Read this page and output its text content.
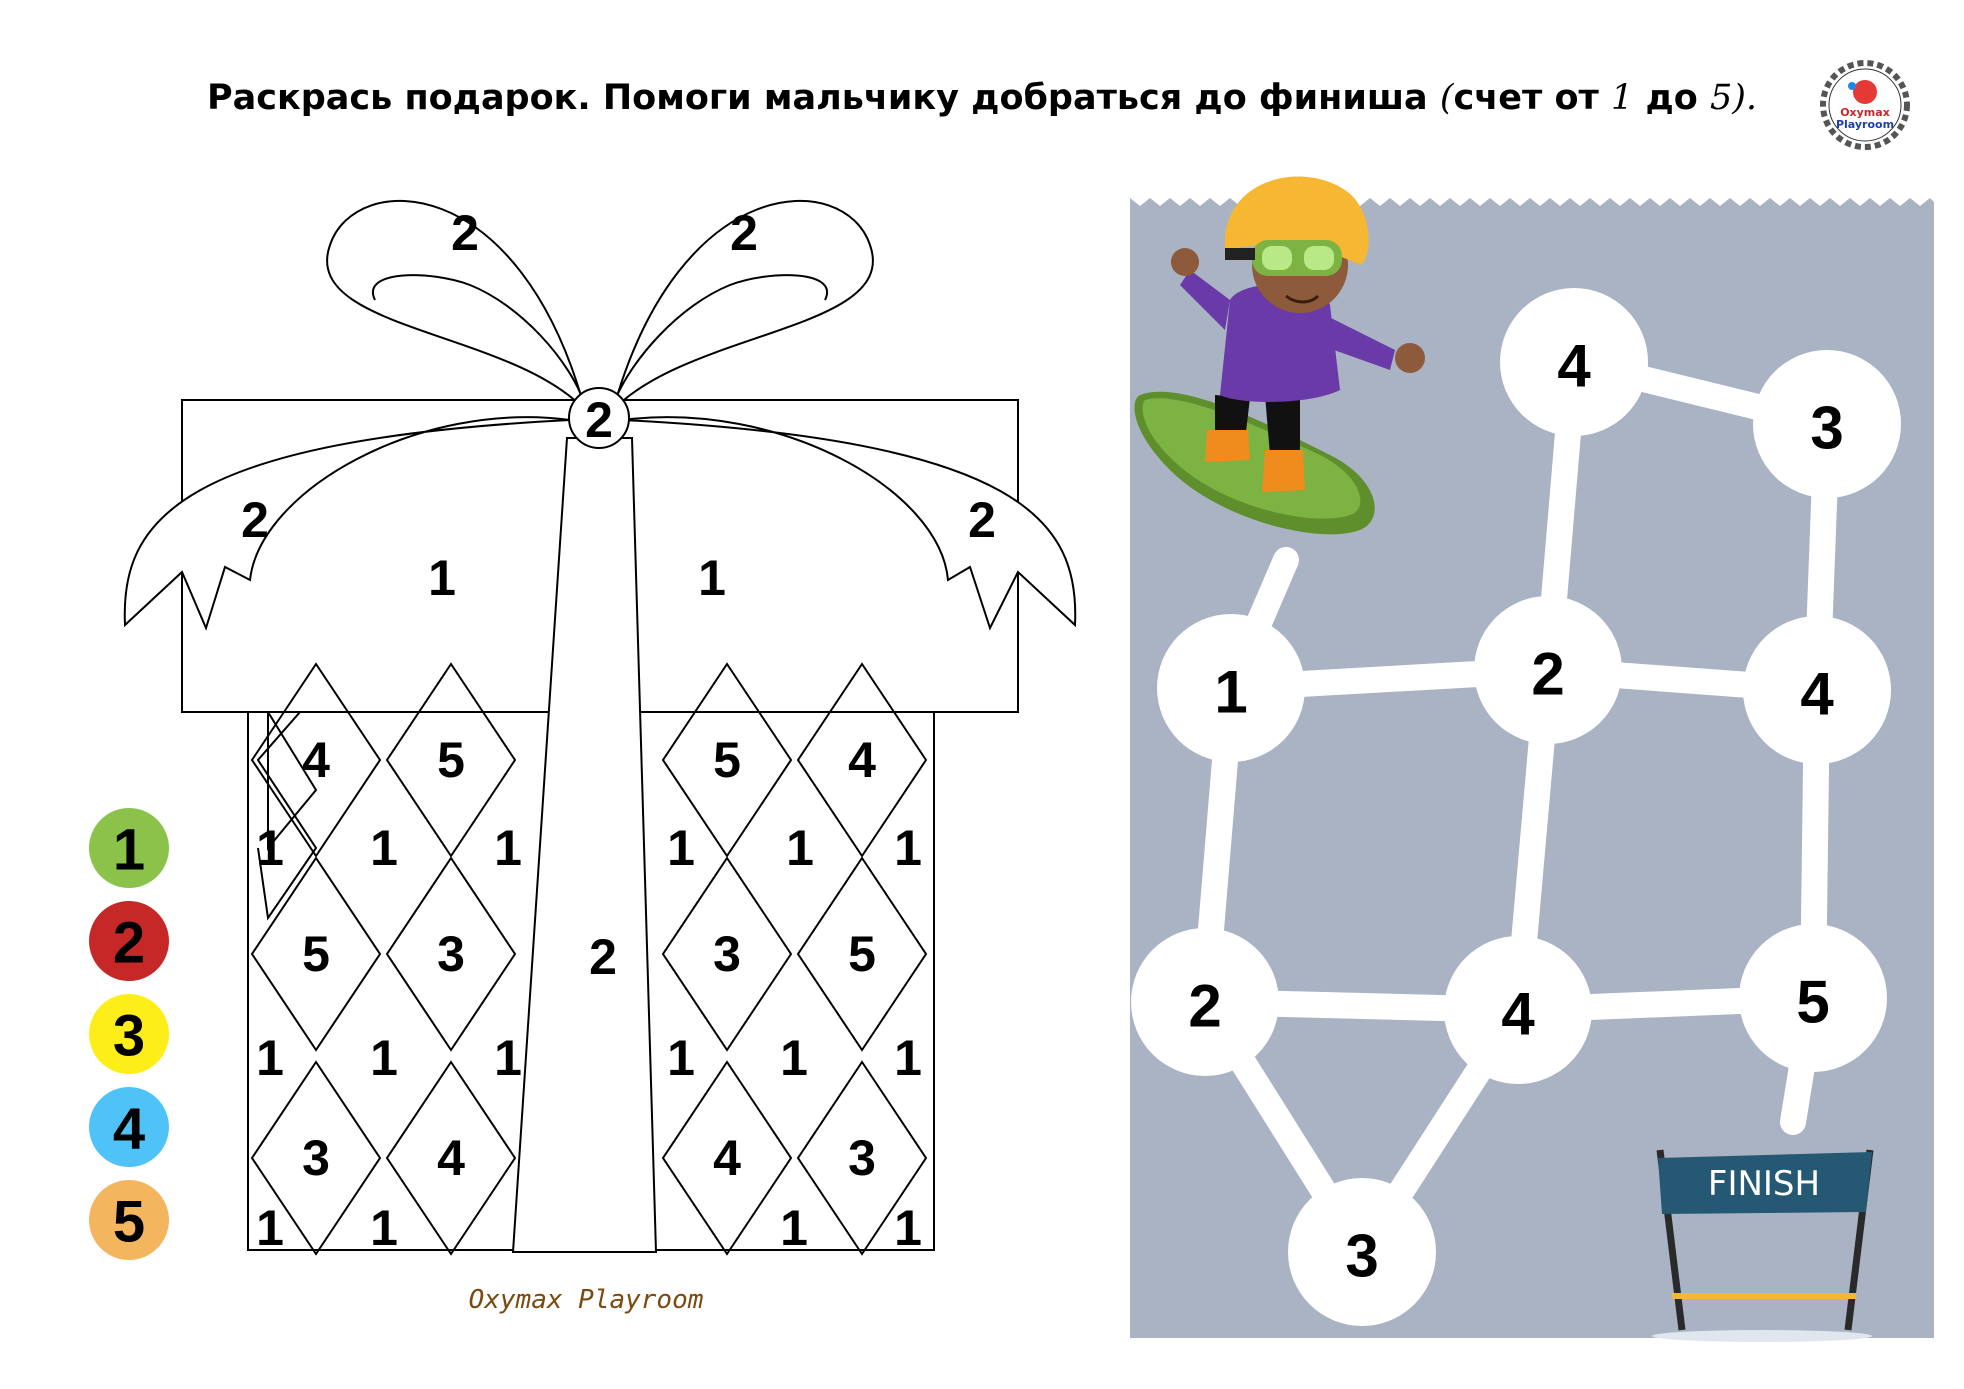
Раскрась подарок. Помоги мальчику добраться до финиша (счет от 1 до 5).	Oxymax
Playroom
2	2
2
2	2
1	1
2
4 5
5 3
3 4
5 4
3 5
4 3
1 1 1
1 1 1
1 1
1 1 1
1 1 1
1 1
1
2
3
4
5
4
3
1	2	4
2	4	5
3
FINISH
Oxymax Playroom
